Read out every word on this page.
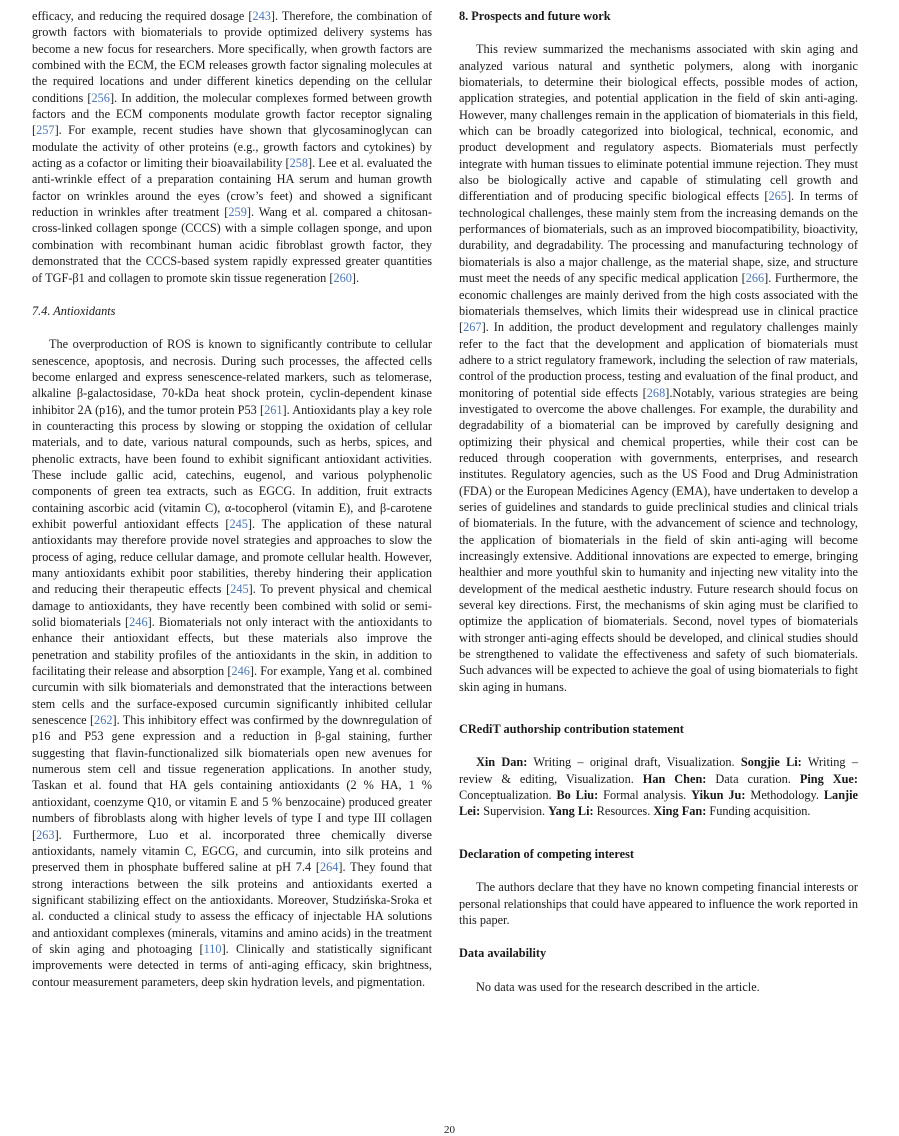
efficacy, and reducing the required dosage [243]. Therefore, the combination of growth factors with biomaterials to provide optimized delivery systems has become a new focus for researchers. More specifically, when growth factors are combined with the ECM, the ECM releases growth factor signaling molecules at the required locations and under different kinetics depending on the cellular conditions [256]. In addition, the molecular complexes formed between growth factors and the ECM components modulate growth factor receptor signaling [257]. For example, recent studies have shown that glycosaminoglycan can modulate the activity of other proteins (e.g., growth factors and cytokines) by acting as a cofactor or limiting their bioavailability [258]. Lee et al. evaluated the anti-wrinkle effect of a preparation containing HA serum and human growth factor on wrinkles around the eyes (crow’s feet) and showed a significant reduction in wrinkles after treatment [259]. Wang et al. compared a chitosan-cross-linked collagen sponge (CCCS) with a simple collagen sponge, and upon combination with recombinant human acidic fibroblast growth factor, they demonstrated that the CCCS-based system rapidly expressed greater quantities of TGF-β1 and collagen to promote skin tissue regeneration [260].

7.4. Antioxidants

The overproduction of ROS is known to significantly contribute to cellular senescence, apoptosis, and necrosis. During such processes, the affected cells become enlarged and express senescence-related markers, such as telomerase, alkaline β-galactosidase, 70-kDa heat shock protein, cyclin-dependent kinase inhibitor 2A (p16), and the tumor protein P53 [261]. Antioxidants play a key role in counteracting this process by slowing or stopping the oxidation of cellular materials, and to date, various natural compounds, such as herbs, spices, and phenolic extracts, have been found to exhibit significant antioxidant activities. These include gallic acid, catechins, eugenol, and various polyphenolic components of green tea extracts, such as EGCG. In addition, fruit extracts containing ascorbic acid (vitamin C), α-tocopherol (vitamin E), and β-carotene exhibit powerful antioxidant effects [245]. The application of these natural antioxidants may therefore provide novel strategies and approaches to slow the process of aging, reduce cellular damage, and promote cellular health. However, many antioxidants exhibit poor stabilities, thereby hindering their application and reducing their therapeutic effects [245]. To prevent physical and chemical damage to antioxidants, they have recently been combined with solid or semi-solid biomaterials [246]. Biomaterials not only interact with the antioxidants to enhance their antioxidant effects, but these materials also improve the penetration and stability profiles of the antioxidants in the skin, in addition to facilitating their release and absorption [246]. For example, Yang et al. combined curcumin with silk biomaterials and demonstrated that the interactions between stem cells and the surface-exposed curcumin significantly inhibited cellular senescence [262]. This inhibitory effect was confirmed by the downregulation of p16 and P53 gene expression and a reduction in β-gal staining, further suggesting that flavin-functionalized silk biomaterials open new avenues for numerous stem cell and tissue regeneration applications. In another study, Taskan et al. found that HA gels containing antioxidants (2 % HA, 1 % antioxidant, coenzyme Q10, or vitamin E and 5 % benzocaine) produced greater numbers of fibroblasts along with higher levels of type I and type III collagen [263]. Furthermore, Luo et al. incorporated three chemically diverse antioxidants, namely vitamin C, EGCG, and curcumin, into silk proteins and preserved them in phosphate buffered saline at pH 7.4 [264]. They found that strong interactions between the silk proteins and antioxidants exerted a significant stabilizing effect on the antioxidants. Moreover, Studzińska-Sroka et al. conducted a clinical study to assess the efficacy of injectable HA solutions and antioxidant complexes (minerals, vitamins and amino acids) in the treatment of skin aging and photoaging [110]. Clinically and statistically significant improvements were detected in terms of anti-aging efficacy, skin brightness, contour measurement parameters, deep skin hydration levels, and pigmentation.

8. Prospects and future work

This review summarized the mechanisms associated with skin aging and analyzed various natural and synthetic polymers, along with inorganic biomaterials, to determine their biological effects, possible modes of action, application strategies, and potential application in the field of skin anti-aging. However, many challenges remain in the application of biomaterials in this field, which can be broadly categorized into biological, technical, economic, and product development and regulatory aspects. Biomaterials must perfectly integrate with human tissues to eliminate potential immune rejection. They must also be biologically active and capable of stimulating cell growth and differentiation and of producing specific biological effects [265]. In terms of technological challenges, these mainly stem from the increasing demands on the performances of biomaterials, such as an improved biocompatibility, bioactivity, durability, and degradability. The processing and manufacturing technology of biomaterials is also a major challenge, as the material shape, size, and structure must meet the needs of any specific medical application [266]. Furthermore, the economic challenges are mainly derived from the high costs associated with the biomaterials themselves, which limits their widespread use in clinical practice [267]. In addition, the product development and regulatory challenges mainly refer to the fact that the development and application of biomaterials must adhere to a strict regulatory framework, including the selection of raw materials, control of the production process, testing and evaluation of the final product, and monitoring of potential side effects [268].Notably, various strategies are being investigated to overcome the above challenges. For example, the durability and degradability of a biomaterial can be improved by carefully designing and optimizing their physical and chemical properties, while their cost can be reduced through cooperation with governments, enterprises, and research institutes. Regulatory agencies, such as the US Food and Drug Administration (FDA) or the European Medicines Agency (EMA), have undertaken to develop a series of guidelines and standards to guide preclinical studies and clinical trials of biomaterials. In the future, with the advancement of science and technology, the application of biomaterials in the field of skin anti-aging will become increasingly extensive. Additional innovations are expected to emerge, bringing healthier and more youthful skin to humanity and injecting new vitality into the development of the medical aesthetic industry. Future research should focus on several key directions. First, the mechanisms of skin aging must be clarified to optimize the application of biomaterials. Second, novel types of biomaterials with stronger anti-aging effects should be developed, and clinical studies should be strengthened to validate the effectiveness and safety of such biomaterials. Such advances will be expected to achieve the goal of using biomaterials to fight skin aging in humans.

CRediT authorship contribution statement

Xin Dan: Writing – original draft, Visualization. Songjie Li: Writing – review & editing, Visualization. Han Chen: Data curation. Ping Xue: Conceptualization. Bo Liu: Formal analysis. Yikun Ju: Methodology. Lanjie Lei: Supervision. Yang Li: Resources. Xing Fan: Funding acquisition.

Declaration of competing interest

The authors declare that they have no known competing financial interests or personal relationships that could have appeared to influence the work reported in this paper.

Data availability

No data was used for the research described in the article.

20
